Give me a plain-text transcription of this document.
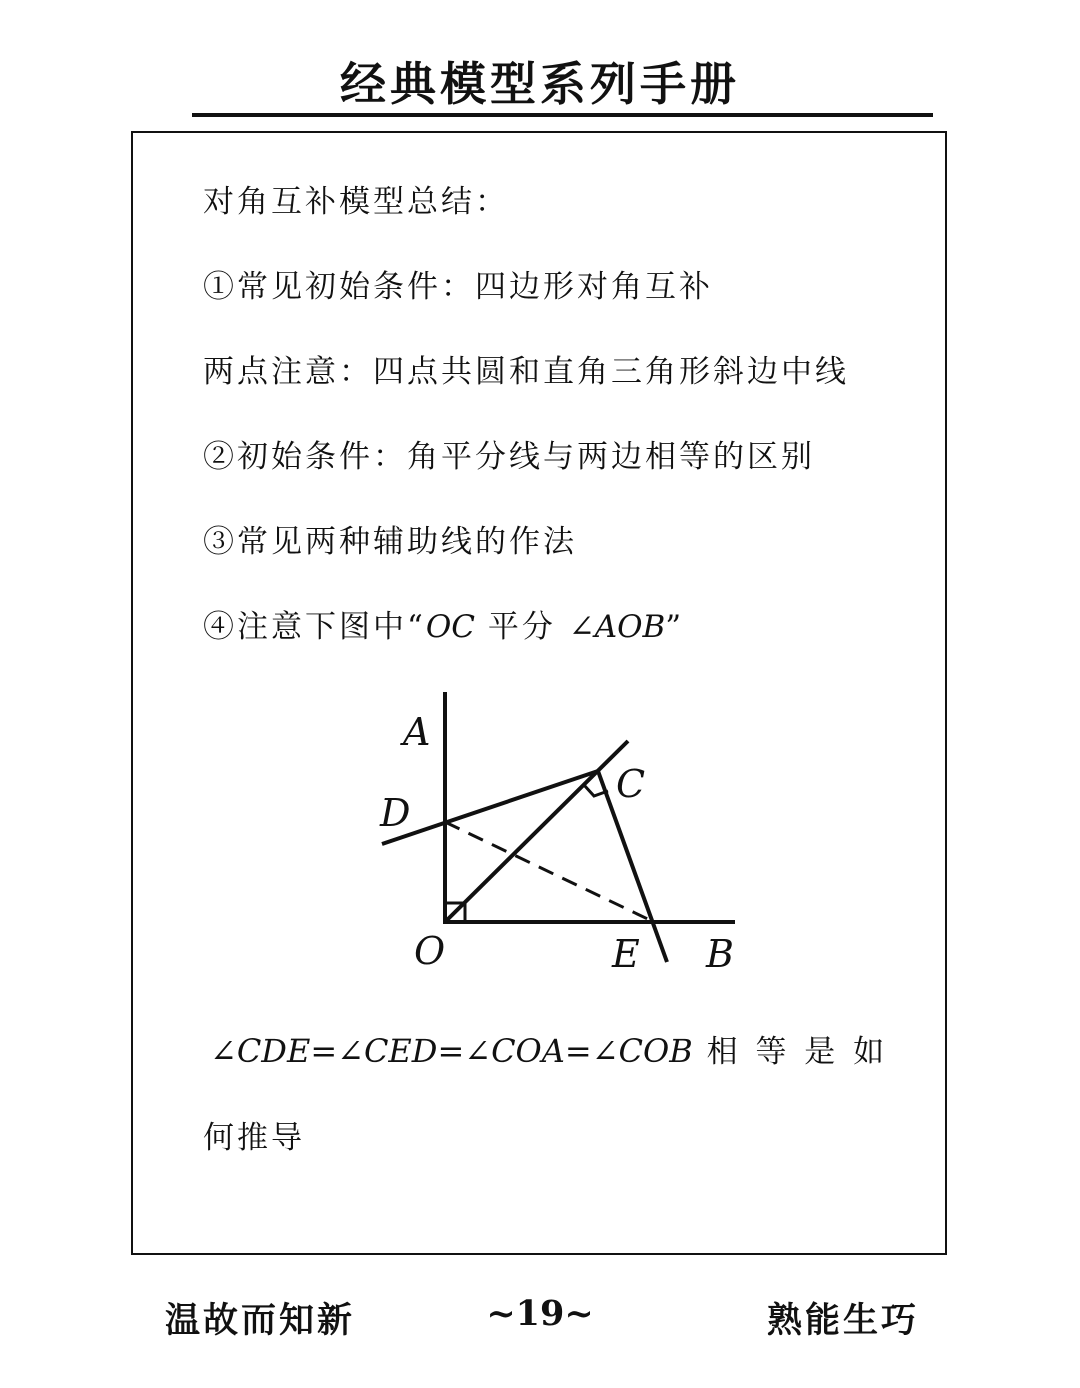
经典模型系列手册
对角互补模型总结：
①常见初始条件：四边形对角互补
两点注意：四点共圆和直角三角形斜边中线
②初始条件：角平分线与两边相等的区别
③常见两种辅助线的作法
④注意下图中“OC 平分 ∠AOB”
A
C
D
O	E B
∠CDE=∠CED=∠COA=∠COB 相 等 是 如
何推导
温故而知新	~19~	熟能生巧
